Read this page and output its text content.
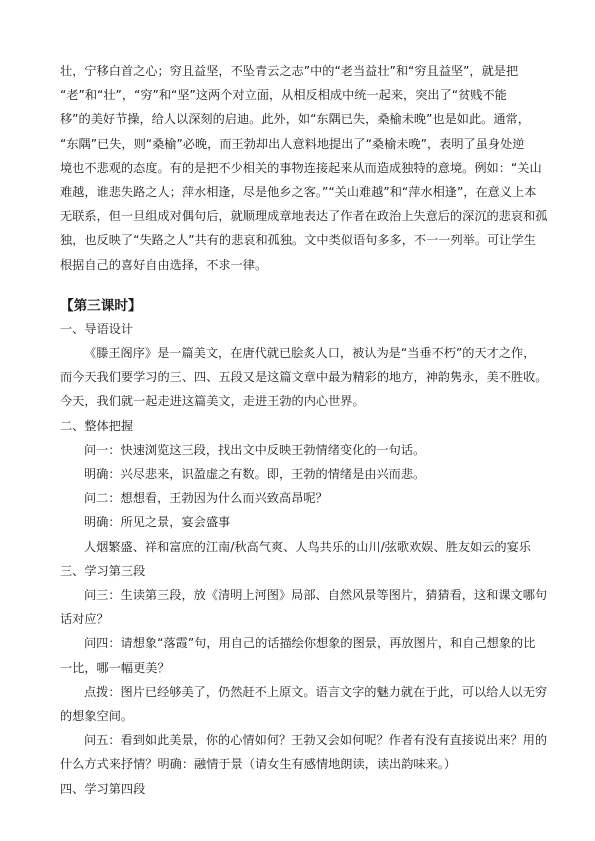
壮，宁移白首之心；穷且益坚，不坠青云之志”中的“老当益壮”和“穷且益坚”，就是把
“老”和“壮”，“穷”和“坚”这两个对立面，从相反相成中统一起来，突出了“贫贱不能
移”的美好节操，给人以深刻的启迪。此外，如“东隅已失，桑榆未晚”也是如此。通常，
“东隅”已失，则“桑榆”必晚，而王勃却出人意料地提出了“桑榆未晚”，表明了虽身处逆
境也不悲观的态度。有的是把不少相关的事物连接起来从而造成独特的意境。例如：“关山
难越，谁悲失路之人；萍水相逢，尽是他乡之客。”“关山难越”和“萍水相逢”，在意义上本
无联系，但一旦组成对偶句后，就顺理成章地表达了作者在政治上失意后的深沉的悲哀和孤
独，也反映了“失路之人”共有的悲哀和孤独。文中类似语句多多，不一一列举。可让学生
根据自己的喜好自由选择，不求一律。

【第三课时】
一、导语设计
《滕王阁序》是一篇美文，在唐代就已脍炙人口，被认为是“当垂不朽”的天才之作，
而今天我们要学习的三、四、五段又是这篇文章中最为精彩的地方，神韵隽永，美不胜收。
今天，我们就一起走进这篇美文，走进王勃的内心世界。
二、整体把握
问一：快速浏览这三段，找出文中反映王勃情绪变化的一句话。
明确：兴尽悲来，识盈虚之有数。即，王勃的情绪是由兴而悲。
问二：想想看，王勃因为什么而兴致高昂呢？
明确：所见之景，宴会盛事
人烟繁盛、祥和富庶的江南/秋高气爽、人鸟共乐的山川/弦歌欢娱、胜友如云的宴乐
三、学习第三段
问三：生读第三段，放《清明上河图》局部、自然风景等图片，猜猜看，这和课文哪句
话对应？
问四：请想象“落霞”句，用自己的话描绘你想象的图景，再放图片，和自己想象的比
一比，哪一幅更美？
点拨：图片已经够美了，仍然赶不上原文。语言文字的魅力就在于此，可以给人以无穷
的想象空间。
问五：看到如此美景，你的心情如何？王勃又会如何呢？作者有没有直接说出来？用的
什么方式来抒情？明确：融情于景（请女生有感情地朗读，读出韵味来。）
四、学习第四段
